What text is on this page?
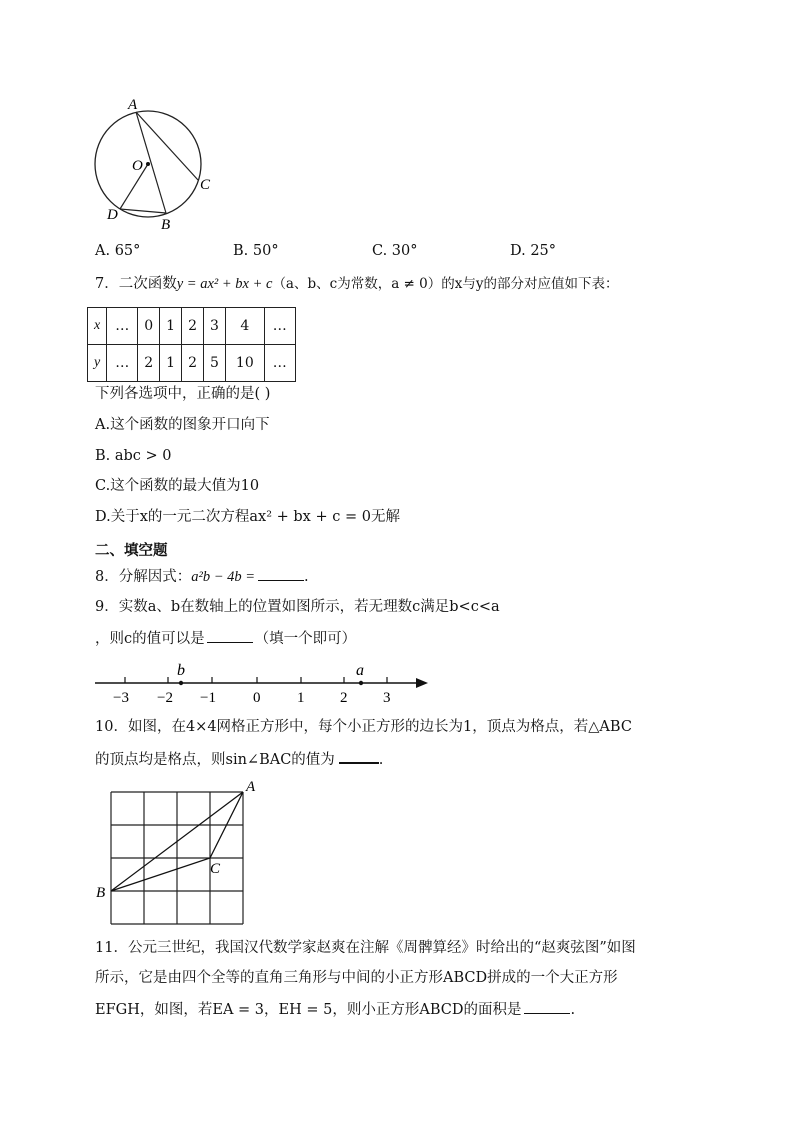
A
O
C
D
B
A. 65°	B. 50°	C. 30°	D. 25°
7．二次函数y = ax² + bx + c（a、b、c为常数，a ≠ 0）的x与y的部分对应值如下表：
x	…	0	1	2	3	4	…
y	…	2	1	2	5	10	…
下列各选项中，正确的是( )
A.这个函数的图象开口向下
B. abc > 0
C.这个函数的最大值为10
D.关于x的一元二次方程ax² + bx + c = 0无解
二、填空题
8．分解因式：a²b − 4b =	.
9．实数a、b在数轴上的位置如图所示，若无理数c满足b<c<a
，则c的值可以是	（填一个即可）
b	a
−3 −2 −1 0 1 2 3
10．如图，在4×4网格正方形中，每个小正方形的边长为1，顶点为格点，若△ABC
的顶点均是格点，则sin∠BAC的值为	.
A
B
C
11．公元三世纪，我国汉代数学家赵爽在注解《周髀算经》时给出的“赵爽弦图”如图
所示，它是由四个全等的直角三角形与中间的小正方形ABCD拼成的一个大正方形
EFGH，如图，若EA = 3，EH = 5，则小正方形ABCD的面积是	.
